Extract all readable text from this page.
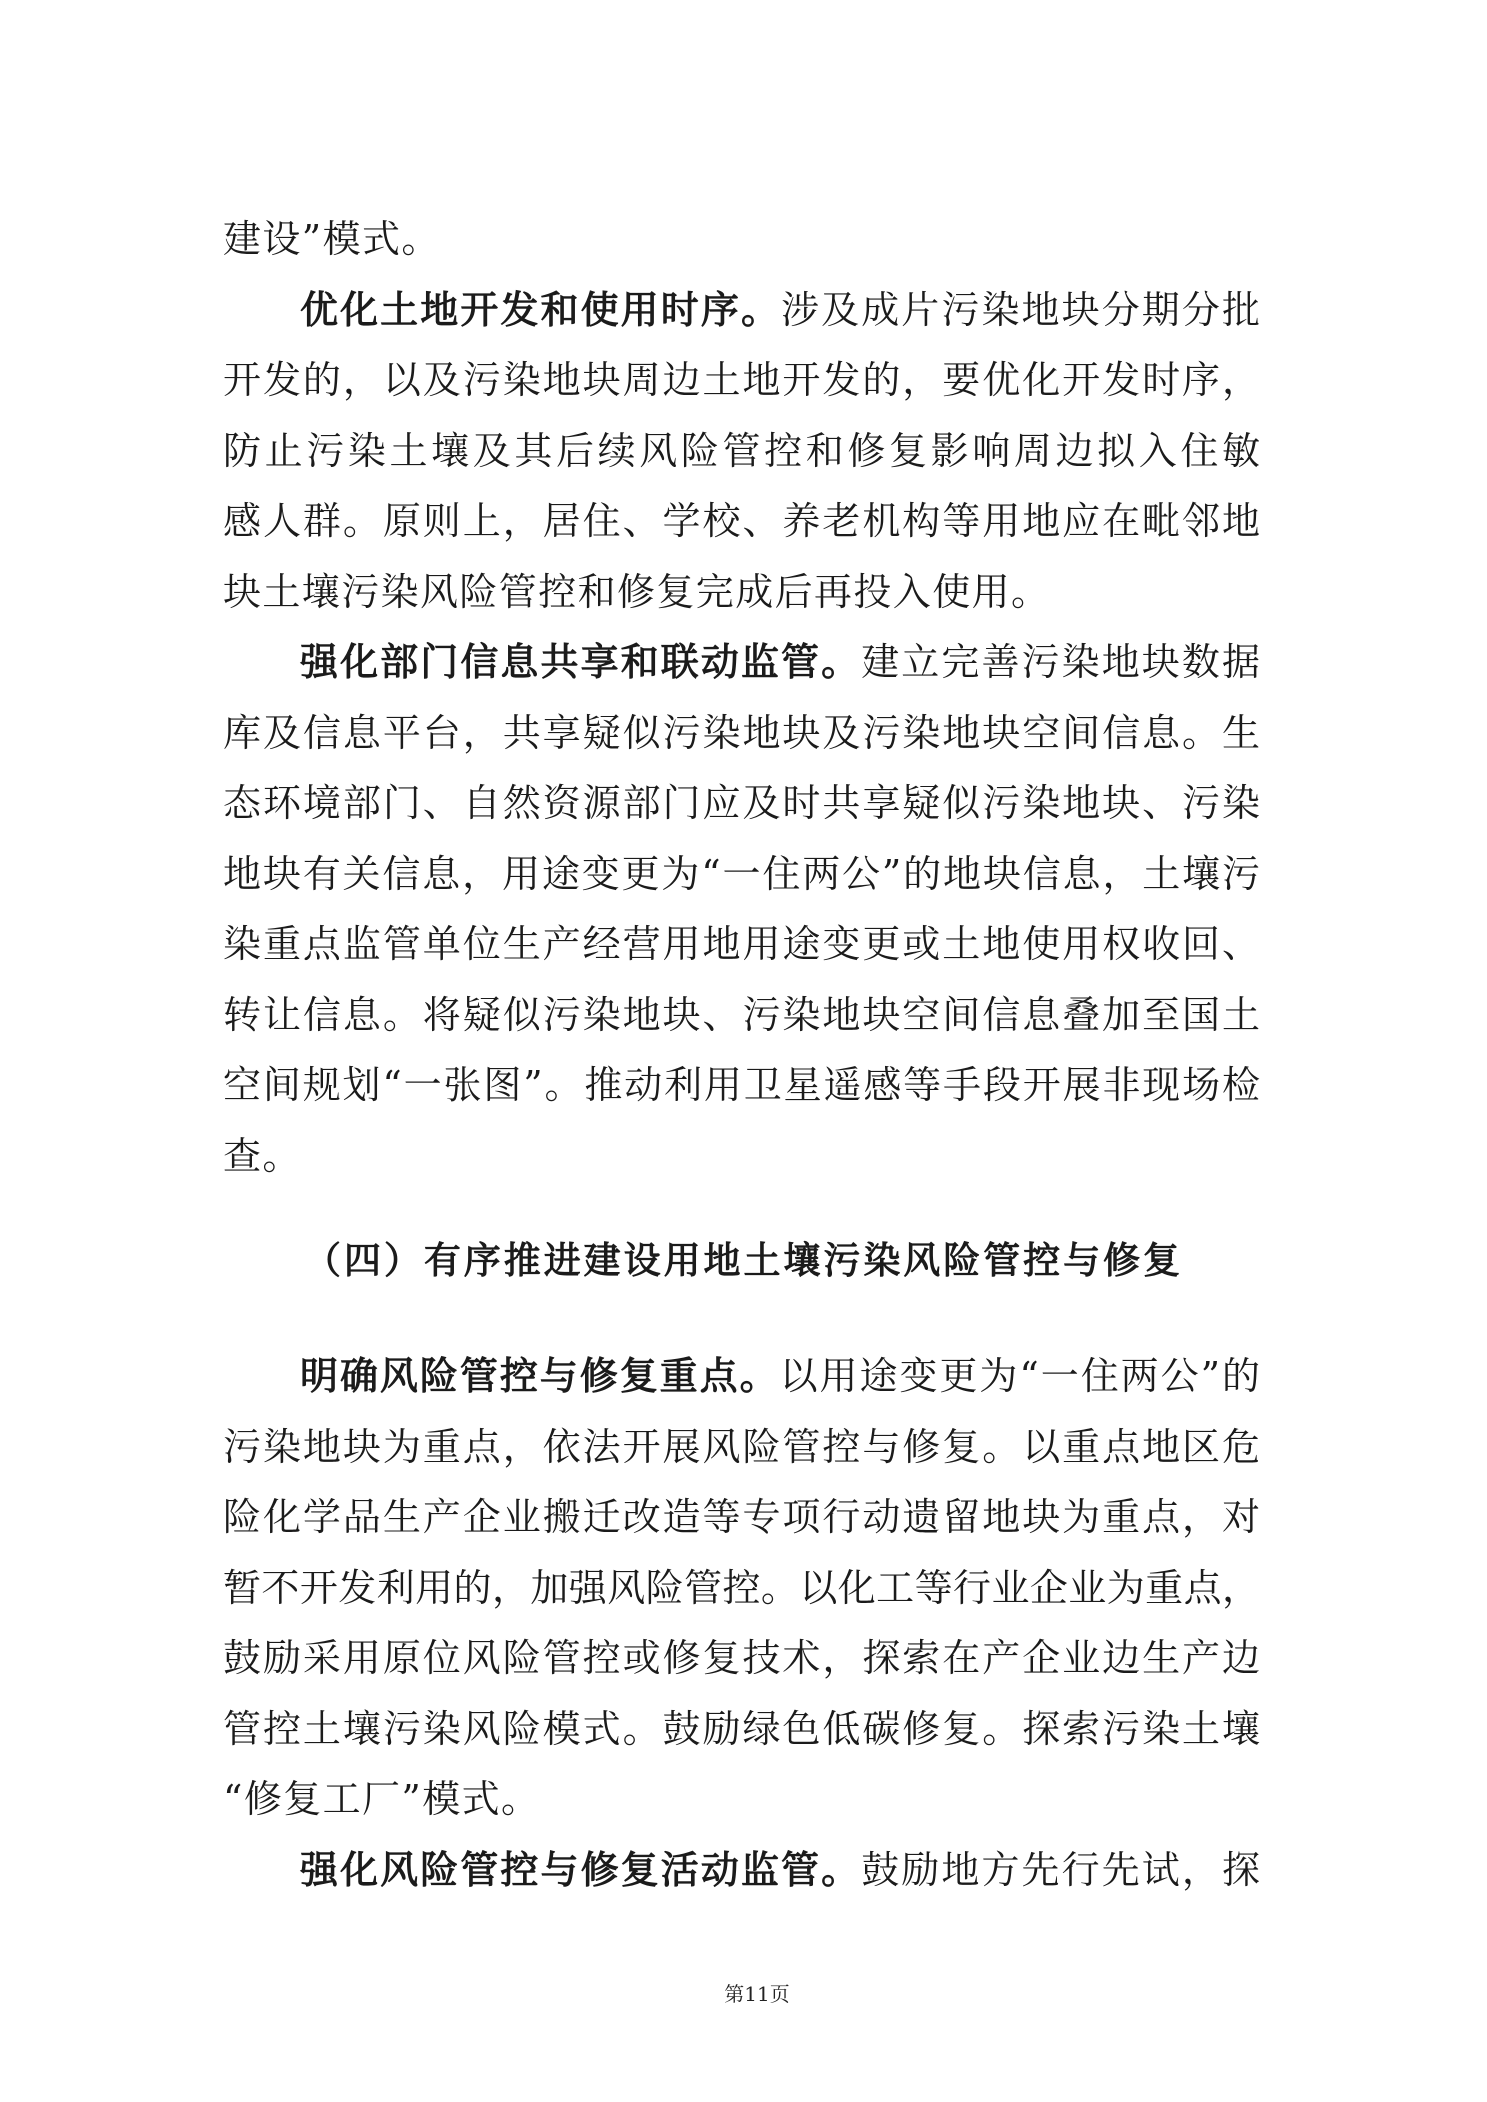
建设”模式。
优化土地开发和使用时序。涉及成片污染地块分期分批
开发的，以及污染地块周边土地开发的，要优化开发时序，
防止污染土壤及其后续风险管控和修复影响周边拟入住敏
感人群。原则上，居住、学校、养老机构等用地应在毗邻地
块土壤污染风险管控和修复完成后再投入使用。
强化部门信息共享和联动监管。建立完善污染地块数据
库及信息平台，共享疑似污染地块及污染地块空间信息。生
态环境部门、自然资源部门应及时共享疑似污染地块、污染
地块有关信息，用途变更为“一住两公”的地块信息，土壤污
染重点监管单位生产经营用地用途变更或土地使用权收回、
转让信息。将疑似污染地块、污染地块空间信息叠加至国土
空间规划“一张图”。推动利用卫星遥感等手段开展非现场检
查。
（四）有序推进建设用地土壤污染风险管控与修复
明确风险管控与修复重点。以用途变更为“一住两公”的
污染地块为重点，依法开展风险管控与修复。以重点地区危
险化学品生产企业搬迁改造等专项行动遗留地块为重点，对
暂不开发利用的，加强风险管控。以化工等行业企业为重点，
鼓励采用原位风险管控或修复技术，探索在产企业边生产边
管控土壤污染风险模式。鼓励绿色低碳修复。探索污染土壤
“修复工厂”模式。
强化风险管控与修复活动监管。鼓励地方先行先试，探
第11页
